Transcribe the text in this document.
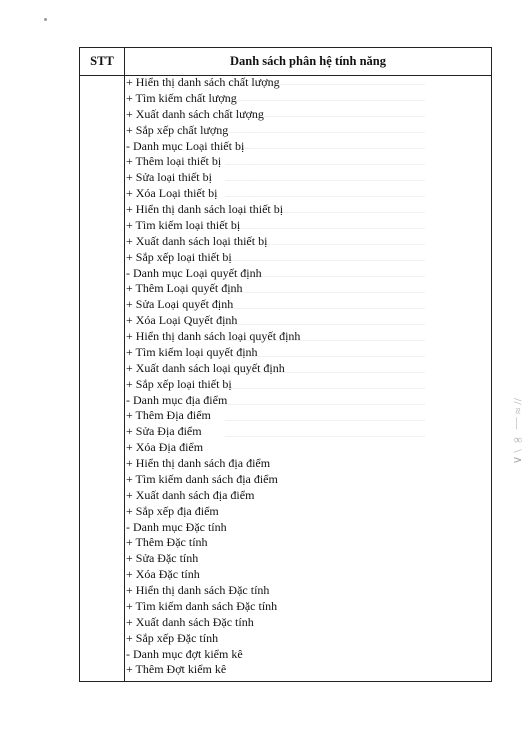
// ≈ — ∞ \ ∧
STT	Danh sách phân hệ tính năng
+ Hiển thị danh sách chất lượng
+ Tìm kiếm chất lượng
+ Xuất danh sách chất lượng
+ Sắp xếp chất lượng
- Danh mục Loại thiết bị
+ Thêm loại thiết bị
+ Sửa loại thiết bị
+ Xóa Loại thiết bị
+ Hiển thị danh sách loại thiết bị
+ Tìm kiếm loại thiết bị
+ Xuất danh sách loại thiết bị
+ Sắp xếp loại thiết bị
- Danh mục Loại quyết định
+ Thêm Loại quyết định
+ Sửa Loại quyết định
+ Xóa Loại Quyết định
+ Hiển thị danh sách loại quyết định
+ Tìm kiếm loại quyết định
+ Xuất danh sách loại quyết định
+ Sắp xếp loại thiết bị
- Danh mục địa điểm
+ Thêm Địa điểm
+ Sửa Địa điểm
+ Xóa Địa điểm
+ Hiển thị danh sách địa điểm
+ Tìm kiếm danh sách địa điểm
+ Xuất danh sách địa điểm
+ Sắp xếp địa điểm
- Danh mục Đặc tính
+ Thêm Đặc tính
+ Sửa Đặc tính
+ Xóa Đặc tính
+ Hiển thị danh sách Đặc tính
+ Tìm kiếm danh sách Đặc tính
+ Xuất danh sách Đặc tính
+ Sắp xếp Đặc tính
- Danh mục đợt kiểm kê
+ Thêm Đợt kiểm kê
